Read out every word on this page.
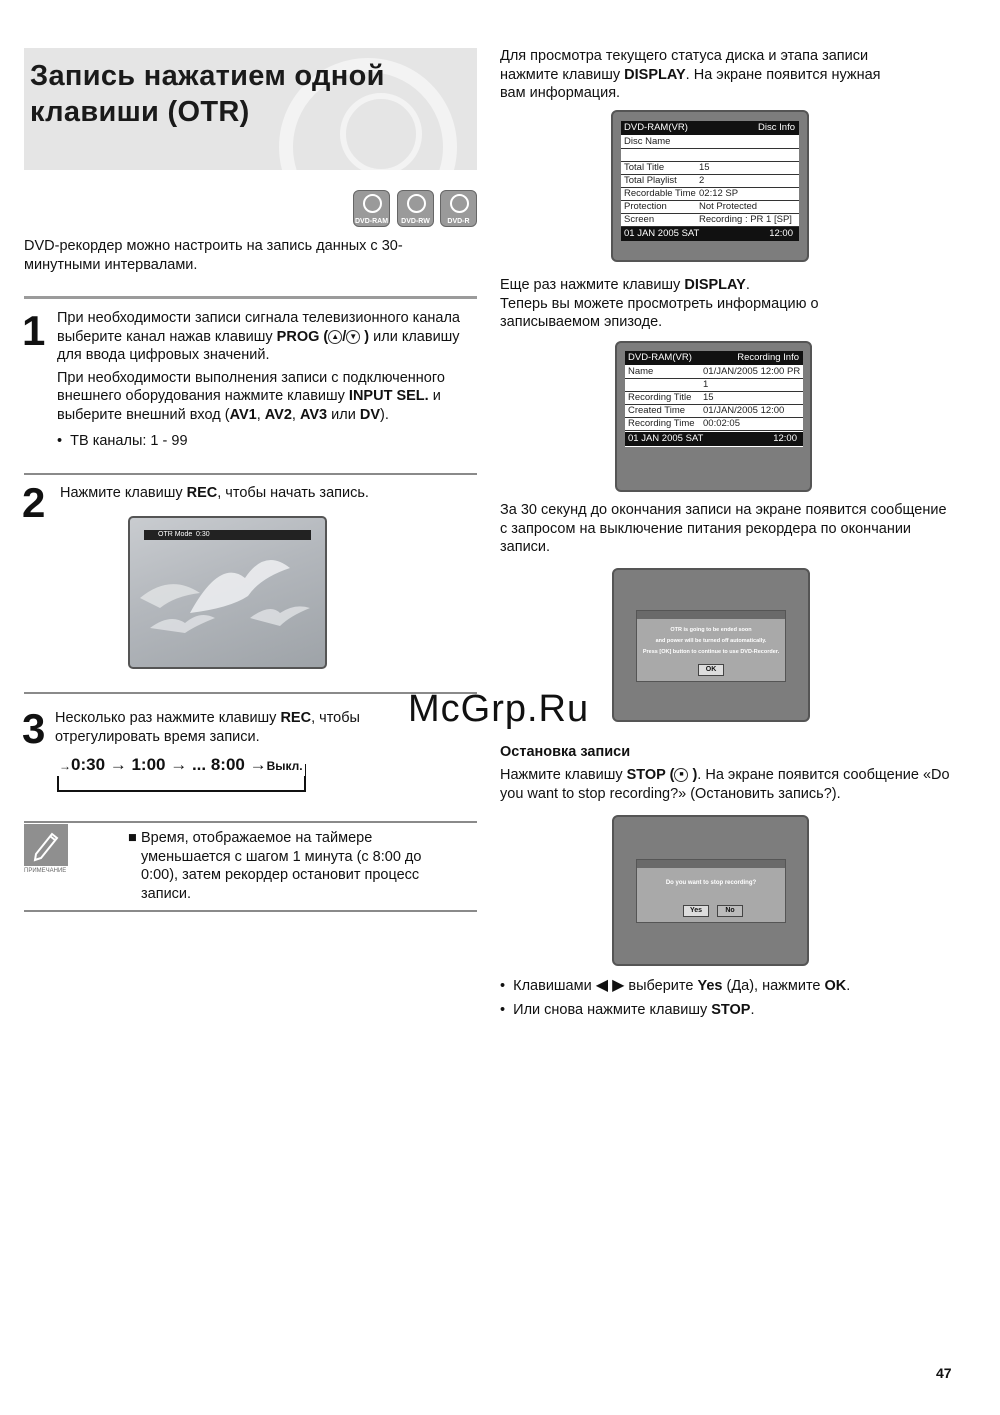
Запись нажатием одной
клавиши (OTR)
DVD-RAM	DVD-RW	DVD-R

DVD-рекордер можно настроить на запись данных с 30-минутными интервалами.

1 При необходимости записи сигнала телевизионного канала выберите канал нажав клавишу PROG ( ▲ / ▼ ) или клавишу для ввода цифровых значений.

При необходимости выполнения записи с подключенного внешнего оборудования нажмите клавишу INPUT SEL. и выберите внешний вход (AV1, AV2, AV3 или DV).

•  ТВ каналы: 1 - 99

2 Нажмите клавишу REC, чтобы начать запись.

OTR Mode 0:30
3 Несколько раз нажмите клавишу REC, чтобы отрегулировать время записи.

→0:30 → 1:00 → ... 8:00 →Выкл.
ПРИМЕЧАНИЕ
■ Время, отображаемое на таймере уменьшается с шагом 1 минута (с 8:00 до 0:00), затем рекордер остановит процесс записи.

Для просмотра текущего статуса диска и этапа записи нажмите клавишу DISPLAY. На экране появится нужная вам информация.

DVD-RAM(VR)	Disc Info
Disc Name
Total Title	15
Total Playlist 2
Recordable Time 02:12 SP
Protection	Not Protected
Screen	Recording : PR 1 [SP]
01 JAN 2005 SAT	12:00

Еще раз нажмите клавишу DISPLAY.
Теперь вы можете просмотреть информацию о записываемом эпизоде.

DVD-RAM(VR)	Recording Info
Name	01/JAN/2005 12:00 PR
1
Recording Title 15
Created Time 01/JAN/2005 12:00
Recording Time 00:02:05
01 JAN 2005 SAT	12:00

За 30 секунд до окончания записи на экране появится сообщение с запросом на выключение питания рекордера по окончании записи.

OTR is going to be ended soon
and power will be turned off automatically.
Press [OK] button to continue to use DVD-Recorder.
OK
McGrp.Ru

Остановка записи

Нажмите клавишу STOP ( ■ ). На экране появится сообщение «Do you want to stop recording?» (Остановить запись?).

Do you want to stop recording?
Yes	No

•  Клавишами ◀ ▶ выберите Yes (Да), нажмите OK.

•  Или снова нажмите клавишу STOP.

47
